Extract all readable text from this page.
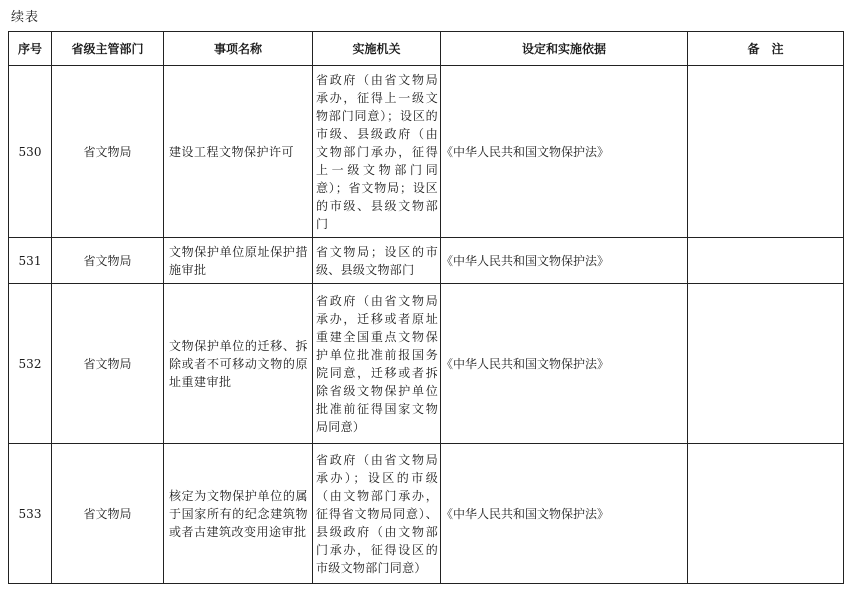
续表
序号	省级主管部门	事项名称	实施机关	设定和实施依据	备　注
530	省文物局	建设工程文物保护许可	省政府（由省文物局承办，征得上一级文物部门同意）；设区的市级、县级政府（由文物部门承办，征得上一级文物部门同意）；省文物局；设区的市级、县级文物部门	《中华人民共和国文物保护法》	
531	省文物局	文物保护单位原址保护措施审批	省文物局；设区的市级、县级文物部门	《中华人民共和国文物保护法》	
532	省文物局	文物保护单位的迁移、拆除或者不可移动文物的原址重建审批	省政府（由省文物局承办，迁移或者原址重建全国重点文物保护单位批准前报国务院同意，迁移或者拆除省级文物保护单位批准前征得国家文物局同意）	《中华人民共和国文物保护法》	
533	省文物局	核定为文物保护单位的属于国家所有的纪念建筑物或者古建筑改变用途审批	省政府（由省文物局承办）；设区的市级（由文物部门承办，征得省文物局同意）、县级政府（由文物部门承办，征得设区的市级文物部门同意）	《中华人民共和国文物保护法》	
